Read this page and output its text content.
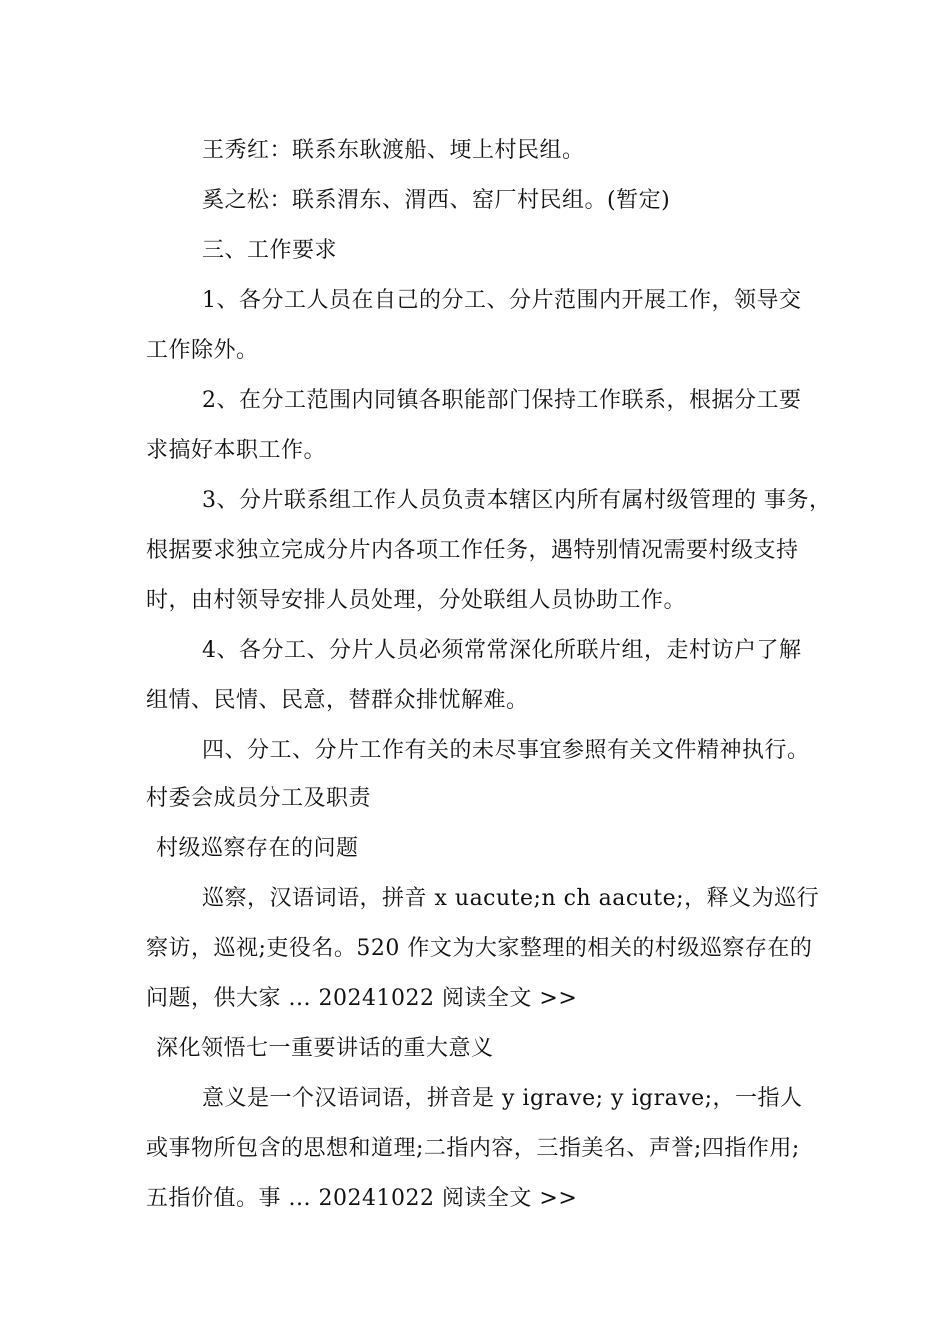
王秀红：联系东耿渡船、埂上村民组。
奚之松：联系渭东、渭西、窑厂村民组。(暂定)
三、工作要求
1、各分工人员在自己的分工、分片范围内开展工作，领导交
工作除外。
2、在分工范围内同镇各职能部门保持工作联系，根据分工要
求搞好本职工作。
3、分片联系组工作人员负责本辖区内所有属村级管理的 事务，
根据要求独立完成分片内各项工作任务，遇特别情况需要村级支持
时，由村领导安排人员处理，分处联组人员协助工作。
4、各分工、分片人员必须常常深化所联片组，走村访户了解
组情、民情、民意，替群众排忧解难。
四、分工、分片工作有关的未尽事宜参照有关文件精神执行。
村委会成员分工及职责
村级巡察存在的问题
巡察，汉语词语，拼音 x uacute;n ch aacute;，释义为巡行
察访，巡视;吏役名。520 作文为大家整理的相关的村级巡察存在的
问题，供大家 ... 20241022 阅读全文 >>
深化领悟七一重要讲话的重大意义
意义是一个汉语词语，拼音是 y igrave; y igrave;，一指人
或事物所包含的思想和道理;二指内容，三指美名、声誉;四指作用;
五指价值。事 ... 20241022 阅读全文 >>
